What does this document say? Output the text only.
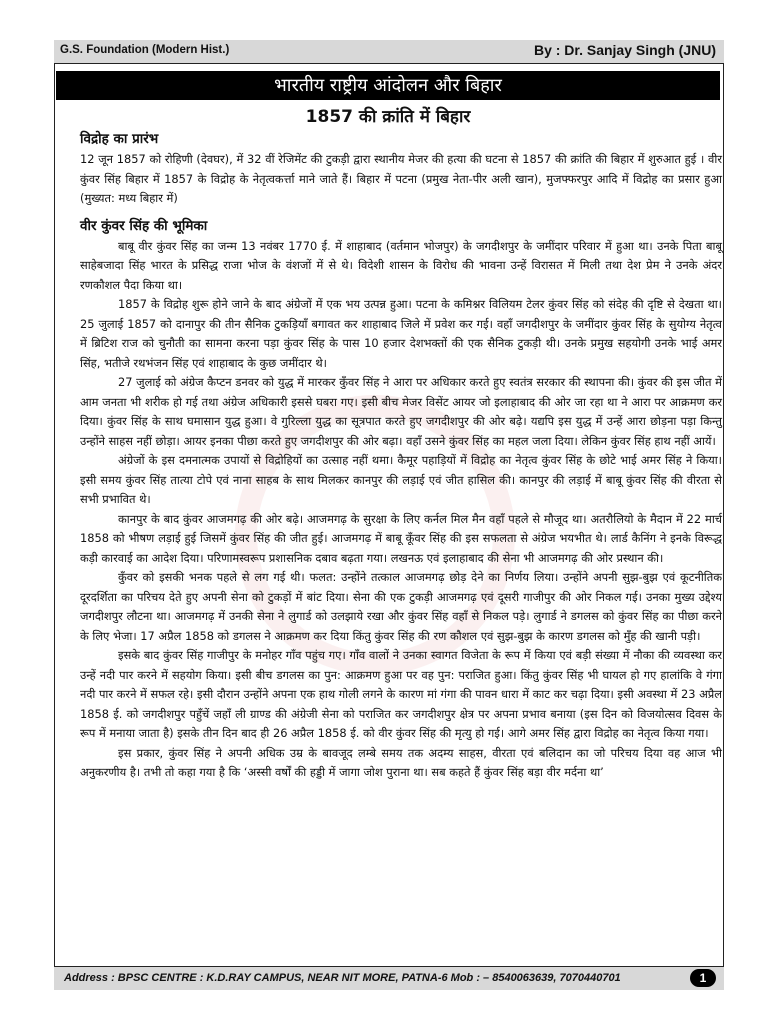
G.S. Foundation (Modern Hist.)	By : Dr. Sanjay Singh (JNU)
भारतीय राष्ट्रीय आंदोलन और बिहार
1857 की क्रांति में बिहार
विद्रोह का प्रारंभ

12 जून 1857 को रोहिणी (देवघर), में 32 वीं रेजिमेंट की टुकड़ी द्वारा स्थानीय मेजर की हत्या की घटना से 1857 की क्रांति की बिहार में शुरुआत हुई । वीर कुंवर सिंह बिहार में 1857 के विद्रोह के नेतृत्वकर्त्ता माने जाते हैं। बिहार में पटना (प्रमुख नेता-पीर अली खान), मुजफ्फरपुर आदि में विद्रोह का प्रसार हुआ (मुख्यत: मध्य बिहार में)

वीर कुंवर सिंह की भूमिका

बाबू वीर कुंवर सिंह का जन्म 13 नवंबर 1770 ई. में शाहाबाद (वर्तमान भोजपुर) के जगदीशपुर के जमींदार परिवार में हुआ था। उनके पिता बाबू साहेबजादा सिंह भारत के प्रसिद्ध राजा भोज के वंशजों में से थे। विदेशी शासन के विरोध की भावना उन्हें विरासत में मिली तथा देश प्रेम ने उनके अंदर रणकौशल पैदा किया था।

1857 के विद्रोह शुरू होने जाने के बाद अंग्रेजों में एक भय उत्पन्न हुआ। पटना के कमिश्नर विलियम टेलर कुंवर सिंह को संदेह की दृष्टि से देखता था। 25 जुलाई 1857 को दानापुर की तीन सैनिक टुकड़ियाँ बगावत कर शाहाबाद जिले में प्रवेश कर गई। वहाँ जगदीशपुर के जमींदार कुंवर सिंह के सुयोग्य नेतृत्व में ब्रिटिश राज को चुनौती का सामना करना पड़ा कुंवर सिंह के पास 10 हजार देशभक्तों की एक सैनिक टुकड़ी थी। उनके प्रमुख सहयोगी उनके भाई अमर सिंह, भतीजे रथभंजन सिंह एवं शाहाबाद के कुछ जमींदार थे।

27 जुलाई को अंग्रेज कैप्टन डनवर को युद्ध में मारकर कुँवर सिंह ने आरा पर अधिकार करते हुए स्वतंत्र सरकार की स्थापना की। कुंवर की इस जीत में आम जनता भी शरीक हो गई तथा अंग्रेज अधिकारी इससे घबरा गए। इसी बीच मेजर विसेंट आयर जो इलाहाबाद की ओर जा रहा था ने आरा पर आक्रमण कर दिया। कुंवर सिंह के साथ घमासान युद्ध हुआ। वे गुरिल्ला युद्ध का सूत्रपात करते हुए जगदीशपुर की ओर बढ़े। यद्यपि इस युद्ध में उन्हें आरा छोड़ना पड़ा किन्तु उन्होंने साहस नहीं छोड़ा। आयर इनका पीछा करते हुए जगदीशपुर की ओर बढ़ा। वहाँ उसने कुंवर सिंह का महल जला दिया। लेकिन कुंवर सिंह हाथ नहीं आयें।

अंग्रेजों के इस दमनात्मक उपायों से विद्रोहियों का उत्साह नहीं थमा। कैमूर पहाड़ियों में विद्रोह का नेतृत्व कुंवर सिंह के छोटे भाई अमर सिंह ने किया। इसी समय कुंवर सिंह तात्या टोपे एवं नाना साहब के साथ मिलकर कानपुर की लड़ाई एवं जीत हासिल की। कानपुर की लड़ाई में बाबू कुंवर सिंह की वीरता से सभी प्रभावित थे।

कानपुर के बाद कुंवर आजमगढ़ की ओर बढ़े। आजमगढ़ के सुरक्षा के लिए कर्नल मिल मैन वहाँ पहले से मौजूद था। अतरौलियो के मैदान में 22 मार्च 1858 को भीषण लड़ाई हुई जिसमें कुंवर सिंह की जीत हुई। आजमगढ़ में बाबू कूँवर सिंह की इस सफलता से अंग्रेज भयभीत थे। लार्ड कैनिंग ने इनके विरूद्ध कड़ी कारवाई का आदेश दिया। परिणामस्वरूप प्रशासनिक दबाव बढ़ता गया। लखनऊ एवं इलाहाबाद की सेना भी आजमगढ़ की ओर प्रस्थान की।

कुँवर को इसकी भनक पहले से लग गई थी। फलत: उन्होंने तत्काल आजमगढ़ छोड़ देने का निर्णय लिया। उन्होंने अपनी सुझ-बुझ एवं कूटनीतिक दूरदर्शिता का परिचय देते हुए अपनी सेना को टुकड़ों में बांट दिया। सेना की एक टुकड़ी आजमगढ़ एवं दूसरी गाजीपुर की ओर निकल गई। उनका मुख्य उद्देश्य जगदीशपुर लौटना था। आजमगढ़ में उनकी सेना ने लुगार्ड को उलझाये रखा और कुंवर सिंह वहाँ से निकल पड़े। लुगार्ड ने डगलस को कुंवर सिंह का पीछा करने के लिए भेजा। 17 अप्रैल 1858 को डगलस ने आक्रमण कर दिया किंतु कुंवर सिंह की रण कौशल एवं सुझ-बुझ के कारण डगलस को मुँह की खानी पड़ी।

इसके बाद कुंवर सिंह गाजीपुर के मनोहर गाँव पहुंच गए। गाँव वालों ने उनका स्वागत विजेता के रूप में किया एवं बड़ी संख्या में नौका की व्यवस्था कर उन्हें नदी पार करने में सहयोग किया। इसी बीच डगलस का पुन: आक्रमण हुआ पर वह पुन: पराजित हुआ। किंतु कुंवर सिंह भी घायल हो गए हालांकि वे गंगा नदी पार करने में सफल रहे। इसी दौरान उन्होंने अपना एक हाथ गोली लगने के कारण मां गंगा की पावन धारा में काट कर चढ़ा दिया। इसी अवस्था में 23 अप्रैल 1858 ई. को जगदीशपुर पहुँचें जहाँ ली ग्राण्ड की अंग्रेजी सेना को पराजित कर जगदीशपुर क्षेत्र पर अपना प्रभाव बनाया (इस दिन को विजयोत्सव दिवस के रूप में मनाया जाता है) इसके तीन दिन बाद ही 26 अप्रैल 1858 ई. को वीर कुंवर सिंह की मृत्यु हो गई। आगे अमर सिंह द्वारा विद्रोह का नेतृत्व किया गया।

इस प्रकार, कुंवर सिंह ने अपनी अधिक उम्र के बावजूद लम्बे समय तक अदम्य साहस, वीरता एवं बलिदान का जो परिचय दिया वह आज भी अनुकरणीय है। तभी तो कहा गया है कि ‘अस्सी वर्षों की हड्डी में जागा जोश पुराना था। सब कहते हैं कुंवर सिंह बड़ा वीर मर्दना था’

Address : BPSC CENTRE : K.D.RAY CAMPUS, NEAR NIT MORE, PATNA-6 Mob : – 8540063639, 7070440701	1
